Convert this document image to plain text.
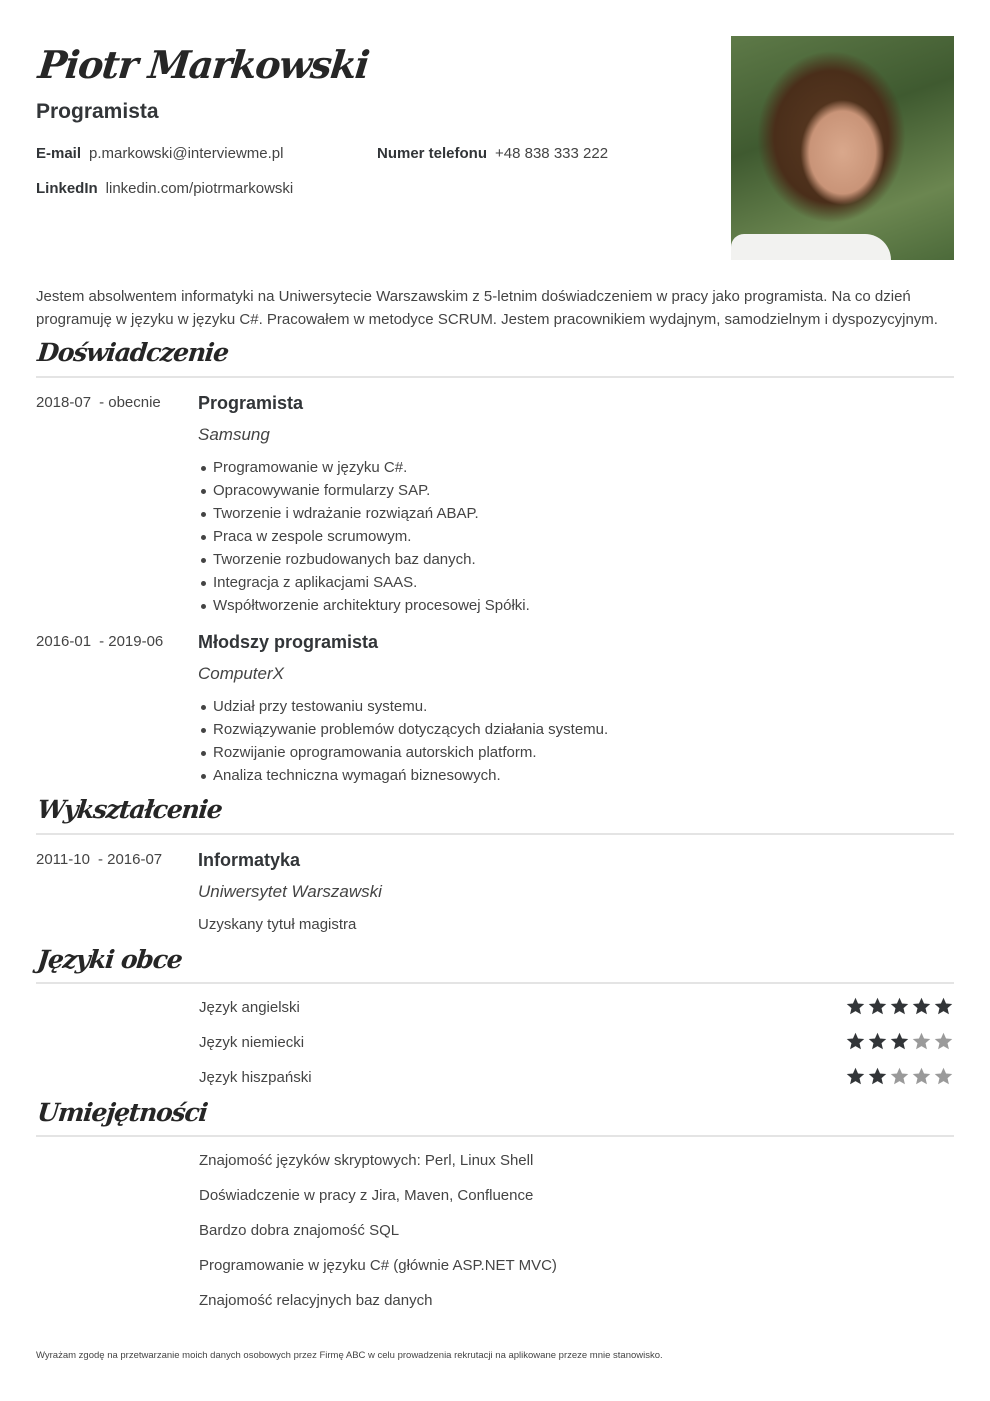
Piotr Markowski
Programista
E-mail p.markowski@interviewme.pl	Numer telefonu +48 838 333 222
LinkedIn linkedin.com/piotrmarkowski

Jestem absolwentem informatyki na Uniwersytecie Warszawskim z 5-letnim doświadczeniem w pracy jako programista. Na co dzień programuję w języku w języku C#. Pracowałem w metodyce SCRUM. Jestem pracownikiem wydajnym, samodzielnym i dyspozycyjnym.

Doświadczenie
2018-07 - obecnie Programista
Samsung
Programowanie w języku C#.
Opracowywanie formularzy SAP.
Tworzenie i wdrażanie rozwiązań ABAP.
Praca w zespole scrumowym.
Tworzenie rozbudowanych baz danych.
Integracja z aplikacjami SAAS.
Współtworzenie architektury procesowej Spółki.
2016-01 - 2019-06 Młodszy programista
ComputerX
Udział przy testowaniu systemu.
Rozwiązywanie problemów dotyczących działania systemu.
Rozwijanie oprogramowania autorskich platform.
Analiza techniczna wymagań biznesowych.
Wykształcenie
2011-10 - 2016-07 Informatyka
Uniwersytet Warszawski
Uzyskany tytuł magistra
Języki obce
Język angielski
Język niemiecki
Język hiszpański
Umiejętności
Znajomość języków skryptowych: Perl, Linux Shell
Doświadczenie w pracy z Jira, Maven, Confluence
Bardzo dobra znajomość SQL
Programowanie w języku C# (głównie ASP.NET MVC)
Znajomość relacyjnych baz danych
Wyrażam zgodę na przetwarzanie moich danych osobowych przez Firmę ABC w celu prowadzenia rekrutacji na aplikowane przeze mnie stanowisko.
